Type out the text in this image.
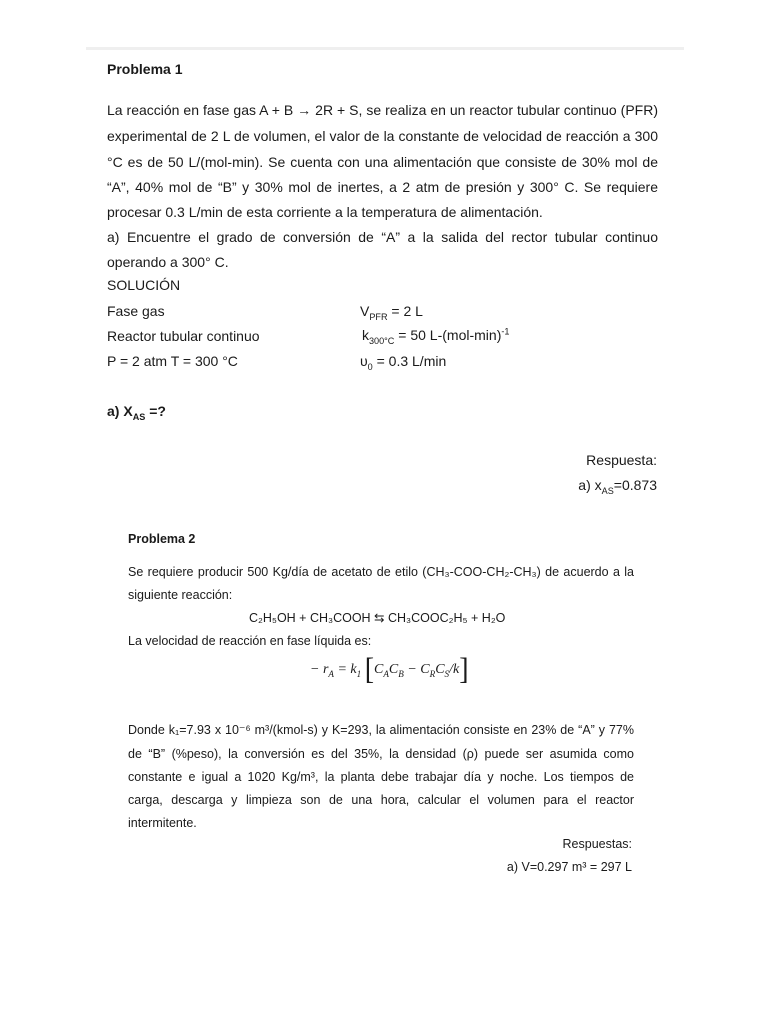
Problema 1
La reacción en fase gas A + B → 2R + S, se realiza en un reactor tubular continuo (PFR)
experimental de 2 L de volumen, el valor de la constante de velocidad de reacción a 300
°C es de 50 L/(mol-min). Se cuenta con una alimentación que consiste de 30% mol de
“A”, 40% mol de “B” y 30% mol de inertes, a 2 atm de presión y 300° C. Se requiere
procesar 0.3 L/min de esta corriente a la temperatura de alimentación.
a) Encuentre el grado de conversión de “A” a la salida del rector tubular continuo
operando a 300° C.
SOLUCIÓN
Fase gas
Reactor tubular continuo
P = 2 atm T = 300 °C
$V_{PFR} = 2$ L
$k_{300^\circ C} = 50$ $L-(mol-\min)^{-1}$
$\upsilon_0 = 0.3$ L/min
a) $X_{AS}$ =?
Respuesta:
a) $x_{AS}=0.873$
Problema 2
Se requiere producir 500 Kg/día de acetato de etilo (CH₃-COO-CH₂-CH₃) de acuerdo a la
siguiente reacción:
C₂H₅OH + CH₃COOH ⇆ CH₃COOC₂H₅ + H₂O
La velocidad de reacción en fase líquida es:
− $r_A = k_1$ $[C_AC_B - C_RC_S/k]$
Donde k₁=7.93 x 10⁻⁶ m³/(kmol-s) y K=293, la alimentación consiste en 23% de “A” y 77%
de “B” (%peso), la conversión es del 35%, la densidad (ρ) puede ser asumida como
constante e igual a 1020 Kg/m³, la planta debe trabajar día y noche. Los tiempos de
carga, descarga y limpieza son de una hora, calcular el volumen para el reactor
intermitente.
Respuestas:
a) V=0.297 m³ = 297 L
